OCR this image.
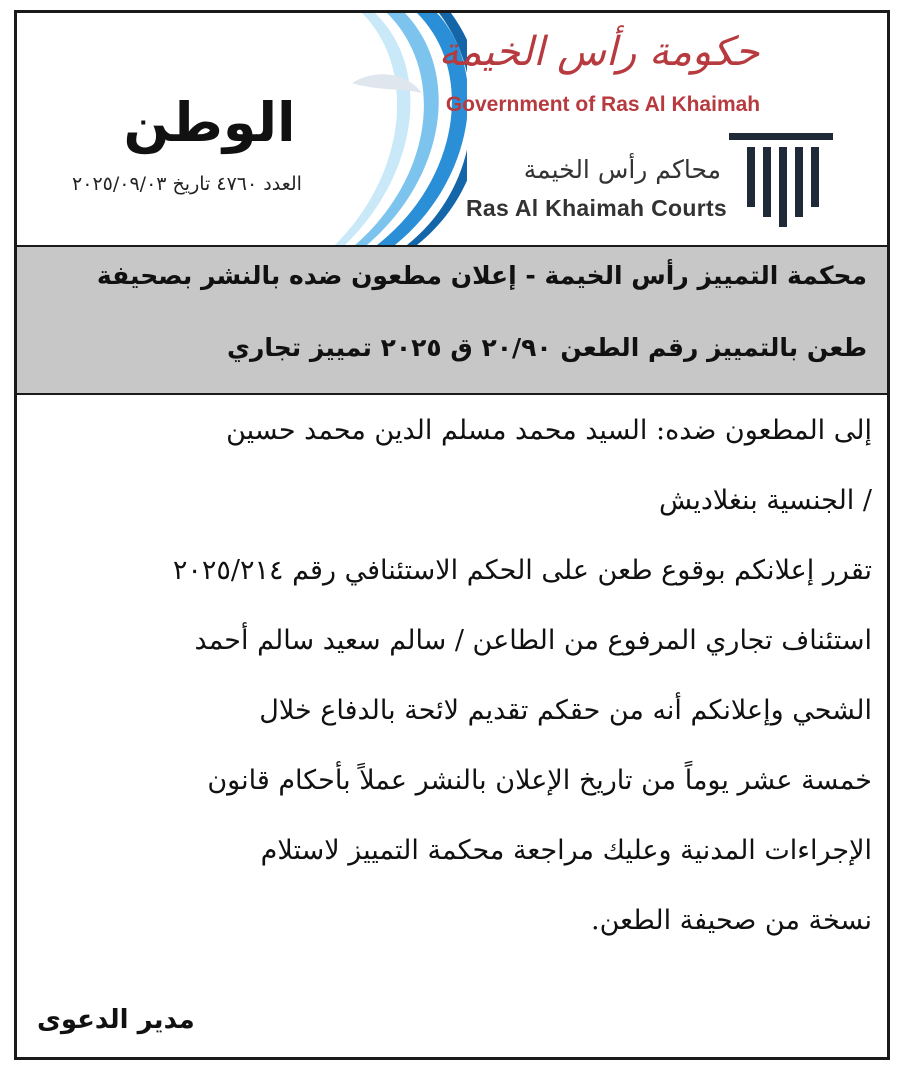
الوطن
العدد ٤٧٦٠ تاريخ ٢٠٢٥/٠٩/٠٣
حكومة رأس الخيمة
Government of Ras Al Khaimah
محاكم رأس الخيمة
Ras Al Khaimah Courts
محكمة التمييز رأس الخيمة - إعلان مطعون ضده بالنشر بصحيفة
طعن بالتمييز رقم الطعن ٢٠/٩٠ ق ٢٠٢٥ تمييز تجاري
إلى المطعون ضده: السيد محمد مسلم الدين محمد حسين
/ الجنسية بنغلاديش
تقرر إعلانكم بوقوع طعن على الحكم الاستئنافي رقم ٢٠٢٥/٢١٤
استئناف تجاري المرفوع من الطاعن / سالم سعيد سالم أحمد
الشحي وإعلانكم أنه من حقكم تقديم لائحة بالدفاع خلال
خمسة عشر يوماً من تاريخ الإعلان بالنشر عملاً بأحكام قانون
الإجراءات المدنية وعليك مراجعة محكمة التمييز لاستلام
نسخة من صحيفة الطعن.
مدير الدعوى
